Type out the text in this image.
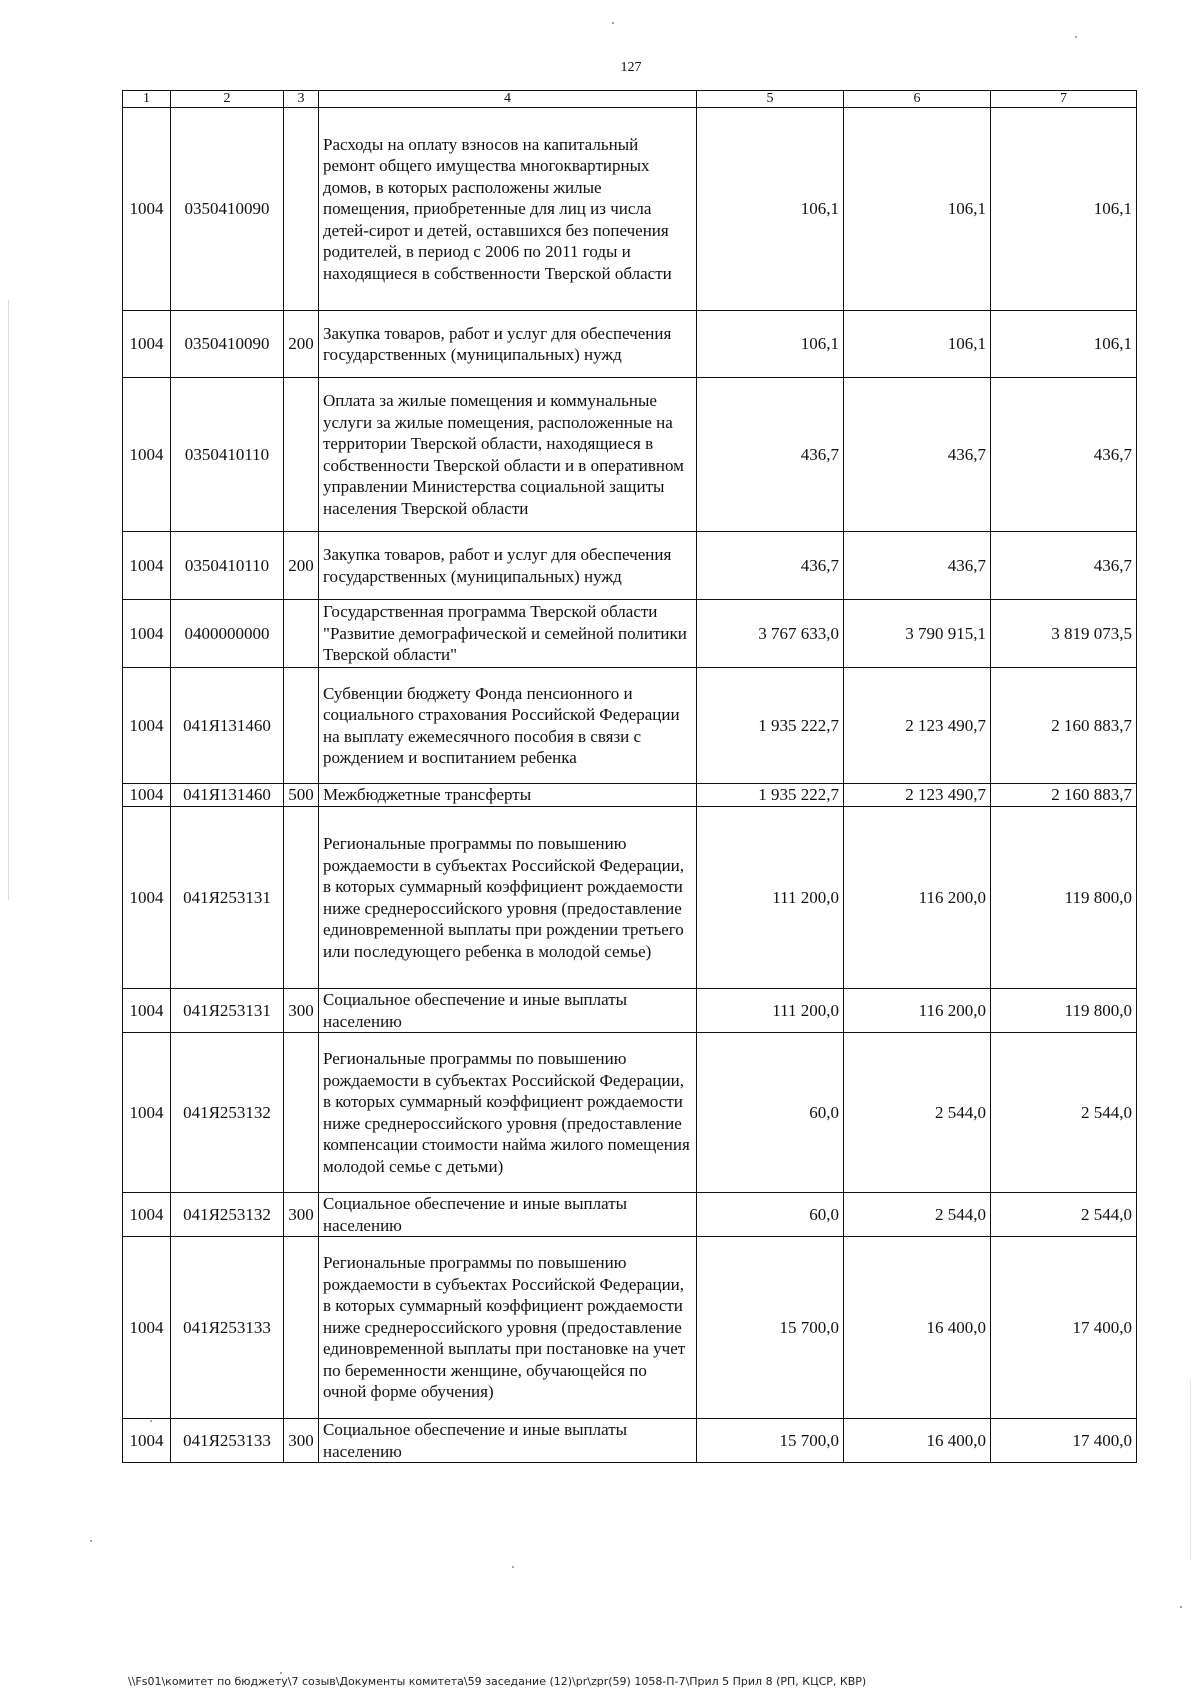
127
1	2	3	4	5	6	7
1004	0350410090		Расходы на оплату взносов на капитальный ремонт общего имущества многоквартирных домов, в которых расположены жилые помещения, приобретенные для лиц из числа детей-сирот и детей, оставшихся без попечения родителей, в период с 2006 по 2011 годы и находящиеся в собственности Тверской области	106,1	106,1	106,1
1004	0350410090	200	Закупка товаров, работ и услуг для обеспечения государственных (муниципальных) нужд	106,1	106,1	106,1
1004	0350410110		Оплата за жилые помещения и коммунальные услуги за жилые помещения, расположенные на территории Тверской области, находящиеся в собственности Тверской области и в оперативном управлении Министерства социальной защиты населения Тверской области	436,7	436,7	436,7
1004	0350410110	200	Закупка товаров, работ и услуг для обеспечения государственных (муниципальных) нужд	436,7	436,7	436,7
1004	0400000000		Государственная программа Тверской области "Развитие демографической и семейной политики Тверской области"	3 767 633,0	3 790 915,1	3 819 073,5
1004	041Я131460		Субвенции бюджету Фонда пенсионного и социального страхования Российской Федерации на выплату ежемесячного пособия в связи с рождением и воспитанием ребенка	1 935 222,7	2 123 490,7	2 160 883,7
1004	041Я131460	500	Межбюджетные трансферты	1 935 222,7	2 123 490,7	2 160 883,7
1004	041Я253131		Региональные программы по повышению рождаемости в субъектах Российской Федерации, в которых суммарный коэффициент рождаемости ниже среднероссийского уровня (предоставление единовременной выплаты при рождении третьего или последующего ребенка в молодой семье)	111 200,0	116 200,0	119 800,0
1004	041Я253131	300	Социальное обеспечение и иные выплаты населению	111 200,0	116 200,0	119 800,0
1004	041Я253132		Региональные программы по повышению рождаемости в субъектах Российской Федерации, в которых суммарный коэффициент рождаемости ниже среднероссийского уровня (предоставление компенсации стоимости найма жилого помещения молодой семье с детьми)	60,0	2 544,0	2 544,0
1004	041Я253132	300	Социальное обеспечение и иные выплаты населению	60,0	2 544,0	2 544,0
1004	041Я253133		Региональные программы по повышению рождаемости в субъектах Российской Федерации, в которых суммарный коэффициент рождаемости ниже среднероссийского уровня (предоставление единовременной выплаты при постановке на учет по беременности женщине, обучающейся по очной форме обучения)	15 700,0	16 400,0	17 400,0
1004	041Я253133	300	Социальное обеспечение и иные выплаты населению	15 700,0	16 400,0	17 400,0
\\Fs01\комитет по бюджету\7 созыв\Документы комитета\59 заседание (12)\pr\zpr(59) 1058-П-7\Прил 5 Прил 8 (РП, КЦСР, КВР)
